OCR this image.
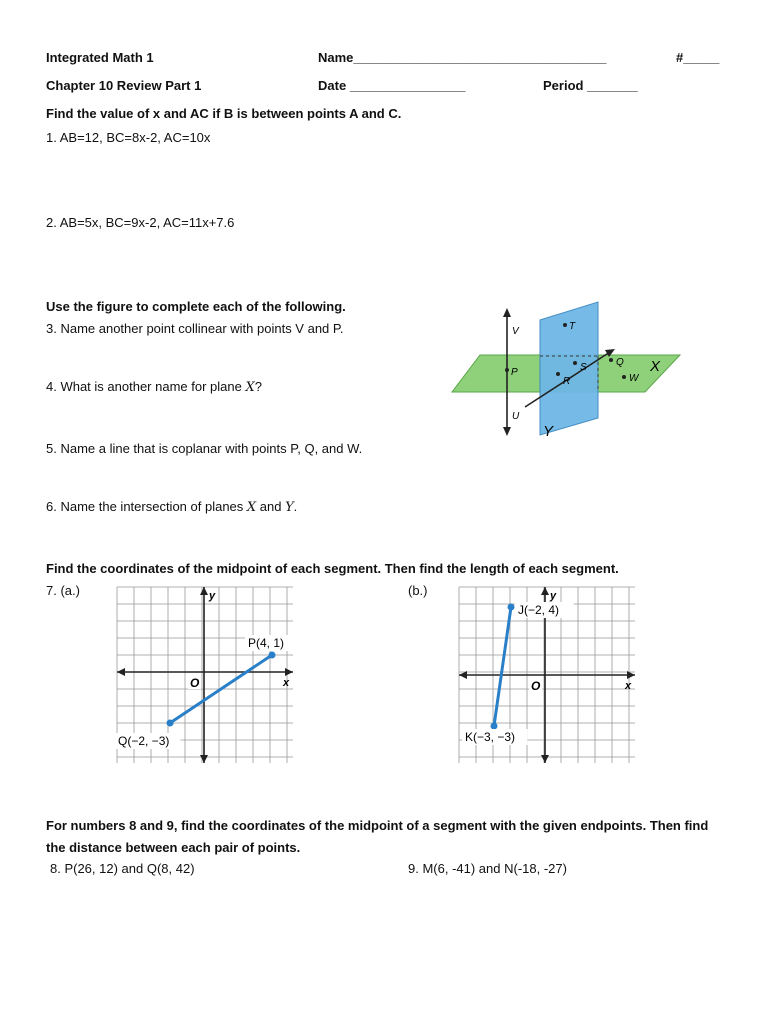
Integrated Math 1	Name___________________________________	#_____
Chapter 10 Review Part 1	Date ________________	Period _______
Find the value of x and AC if B is between points A and C.
1. AB=12, BC=8x-2, AC=10x
2. AB=5x, BC=9x-2, AC=11x+7.6
Use the figure to complete each of the following.
3. Name another point collinear with points V and P.
4. What is another name for plane X?
5. Name a line that is coplanar with points P, Q, and W.
6. Name the intersection of planes X and Y.
T
V
P	S	Q
R	W
U
X
Y
Find the coordinates of the midpoint of each segment. Then find the length of each segment.
7. (a.)	(b.)
x
y
O
P(4, 1)
Q(−2, −3)
x
y
O
J(−2, 4)
K(−3, −3)
For numbers 8 and 9, find the coordinates of the midpoint of a segment with the given endpoints. Then find
the distance between each pair of points.
8. P(26, 12) and Q(8, 42)	9. M(6, -41) and N(-18, -27)
